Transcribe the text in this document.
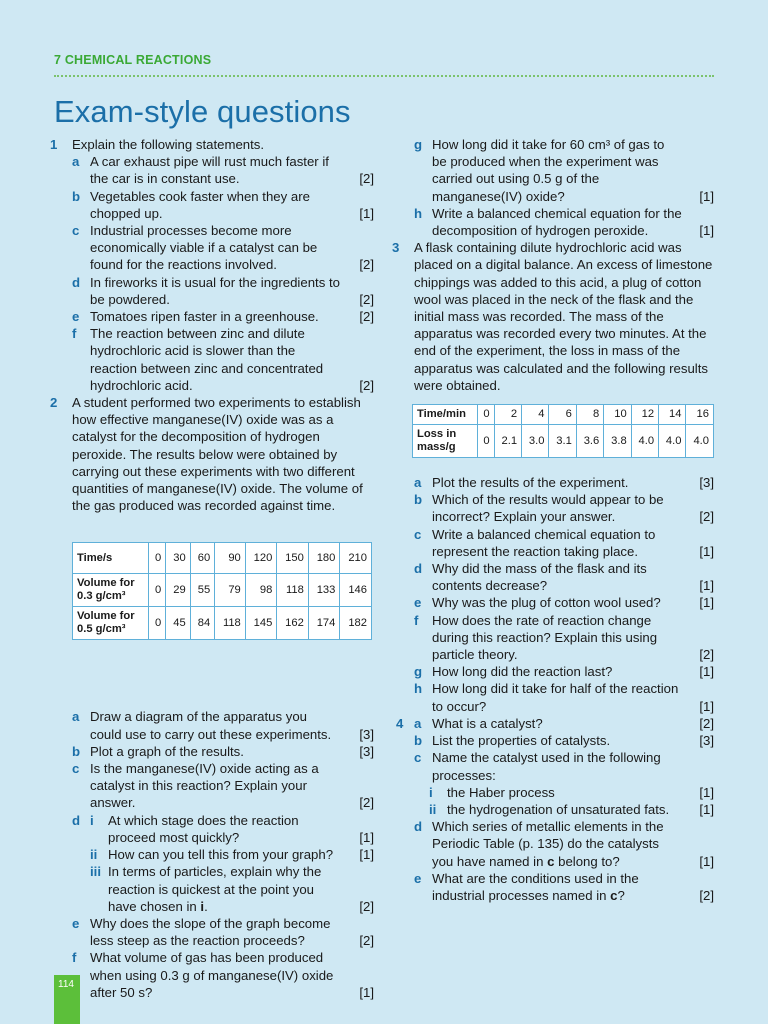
7 CHEMICAL REACTIONS
Exam-style questions
1	Explain the following statements.
a A car exhaust pipe will rust much faster if the car is in constant use.	[2]
b Vegetables cook faster when they are chopped up.	[1]
c Industrial processes become more economically viable if a catalyst can be found for the reactions involved.	[2]
d In fireworks it is usual for the ingredients to be powdered.	[2]
e Tomatoes ripen faster in a greenhouse.	[2]
f	The reaction between zinc and dilute hydrochloric acid is slower than the reaction between zinc and concentrated hydrochloric acid.	[2]
2	A student performed two experiments to establish how effective manganese(IV) oxide was as a catalyst for the decomposition of hydrogen peroxide. The results below were obtained by carrying out these experiments with two different quantities of manganese(IV) oxide. The volume of the gas produced was recorded against time.
a Draw a diagram of the apparatus you could use to carry out these experiments. [3]
b Plot a graph of the results.	[3]
c Is the manganese(IV) oxide acting as a catalyst in this reaction? Explain your answer.	[2]
d i	At which stage does the reaction proceed most quickly?	[1]
ii How can you tell this from your graph? [1]
iii In terms of particles, explain why the reaction is quickest at the point you have chosen in i.	[2]
e Why does the slope of the graph become less steep as the reaction proceeds?	[2]
f	What volume of gas has been produced when using 0.3 g of manganese(IV) oxide after 50 s?	[1]
Time/s	0	30	60	90	120	150	180	210
Volume for
0.3 g/cm³	0	29	55	79	98	118	133	146
Volume for
0.5 g/cm³	0	45	84	118	145	162	174	182
g How long did it take for 60 cm³ of gas to be produced when the experiment was carried out using 0.5 g of the manganese(IV) oxide?	[1]
h Write a balanced chemical equation for the decomposition of hydrogen peroxide.	[1]
3	A flask containing dilute hydrochloric acid was placed on a digital balance. An excess of limestone chippings was added to this acid, a plug of cotton wool was placed in the neck of the flask and the initial mass was recorded. The mass of the apparatus was recorded every two minutes. At the end of the experiment, the loss in mass of the apparatus was calculated and the following results were obtained.
a Plot the results of the experiment.	[3]
b Which of the results would appear to be incorrect? Explain your answer.	[2]
c Write a balanced chemical equation to represent the reaction taking place.	[1]
d Why did the mass of the flask and its contents decrease?	[1]
e Why was the plug of cotton wool used?	[1]
f	How does the rate of reaction change during this reaction? Explain this using particle theory.	[2]
g How long did the reaction last?	[1]
h How long did it take for half of the reaction to occur?	[1]
4 a What is a catalyst?	[2]
b List the properties of catalysts.	[3]
c Name the catalyst used in the following processes:
i the Haber process	[1]
ii the hydrogenation of unsaturated fats. [1]
d Which series of metallic elements in the Periodic Table (p. 135) do the catalysts you have named in c belong to?	[1]
e What are the conditions used in the industrial processes named in c?	[2]
Time/min	0	2	4	6	8	10	12	14	16
Loss in
mass/g	0	2.1	3.0	3.1	3.6	3.8	4.0	4.0	4.0
114
